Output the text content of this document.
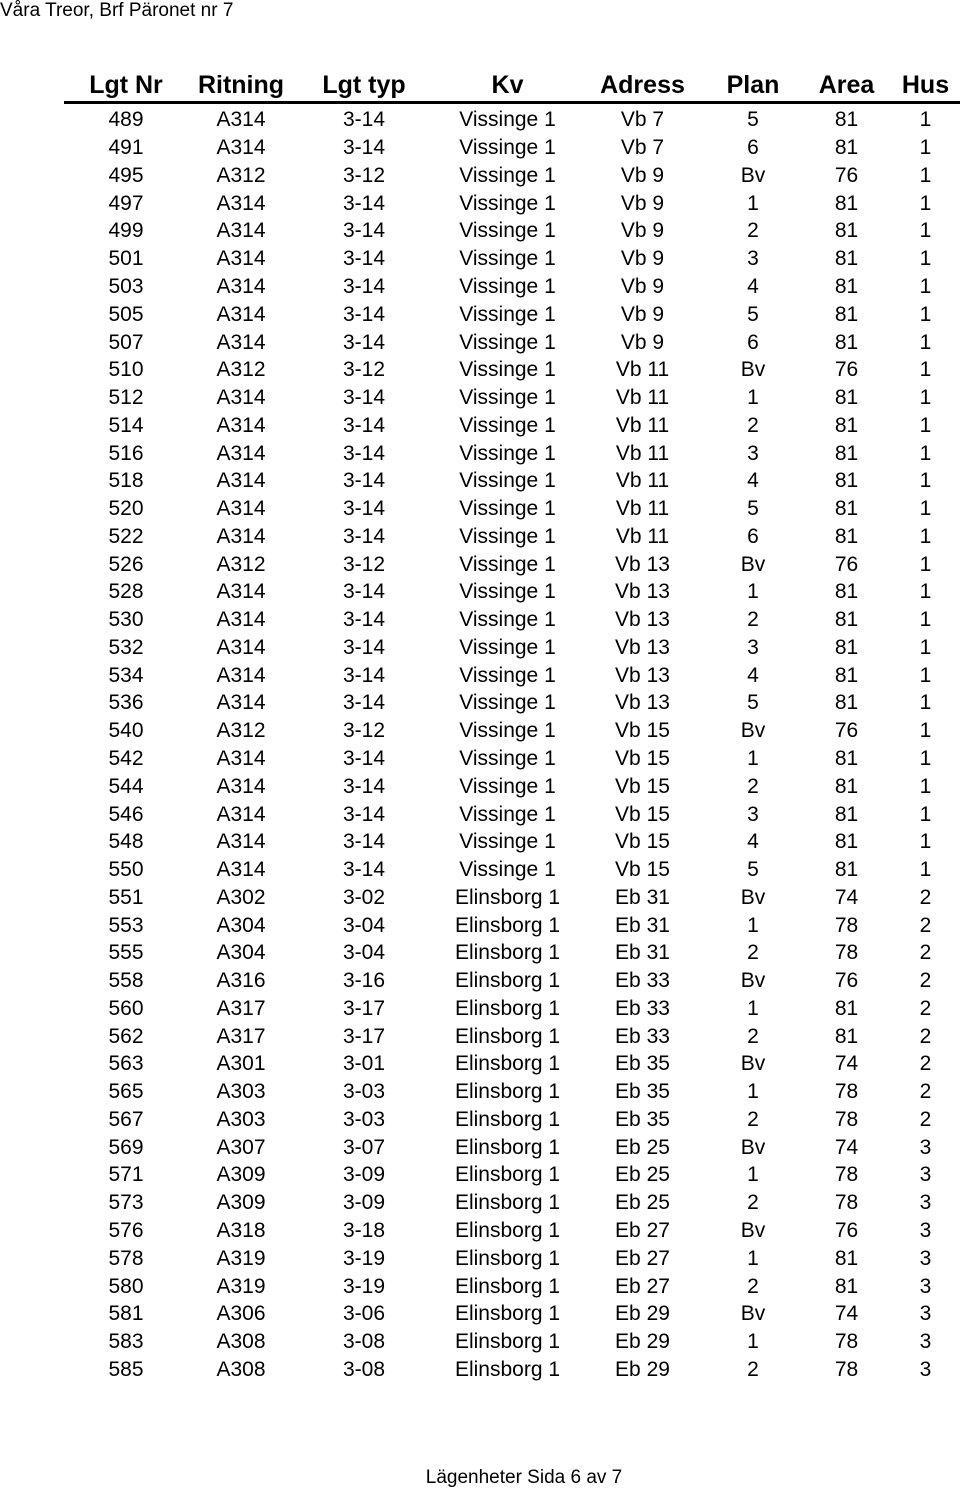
Våra Treor, Brf Päronet nr 7
Lgt Nr	Ritning	Lgt typ	Kv	Adress	Plan	Area	Hus
489	A314	3-14	Vissinge 1	Vb 7	5	81	1
491	A314	3-14	Vissinge 1	Vb 7	6	81	1
495	A312	3-12	Vissinge 1	Vb 9	Bv	76	1
497	A314	3-14	Vissinge 1	Vb 9	1	81	1
499	A314	3-14	Vissinge 1	Vb 9	2	81	1
501	A314	3-14	Vissinge 1	Vb 9	3	81	1
503	A314	3-14	Vissinge 1	Vb 9	4	81	1
505	A314	3-14	Vissinge 1	Vb 9	5	81	1
507	A314	3-14	Vissinge 1	Vb 9	6	81	1
510	A312	3-12	Vissinge 1	Vb 11	Bv	76	1
512	A314	3-14	Vissinge 1	Vb 11	1	81	1
514	A314	3-14	Vissinge 1	Vb 11	2	81	1
516	A314	3-14	Vissinge 1	Vb 11	3	81	1
518	A314	3-14	Vissinge 1	Vb 11	4	81	1
520	A314	3-14	Vissinge 1	Vb 11	5	81	1
522	A314	3-14	Vissinge 1	Vb 11	6	81	1
526	A312	3-12	Vissinge 1	Vb 13	Bv	76	1
528	A314	3-14	Vissinge 1	Vb 13	1	81	1
530	A314	3-14	Vissinge 1	Vb 13	2	81	1
532	A314	3-14	Vissinge 1	Vb 13	3	81	1
534	A314	3-14	Vissinge 1	Vb 13	4	81	1
536	A314	3-14	Vissinge 1	Vb 13	5	81	1
540	A312	3-12	Vissinge 1	Vb 15	Bv	76	1
542	A314	3-14	Vissinge 1	Vb 15	1	81	1
544	A314	3-14	Vissinge 1	Vb 15	2	81	1
546	A314	3-14	Vissinge 1	Vb 15	3	81	1
548	A314	3-14	Vissinge 1	Vb 15	4	81	1
550	A314	3-14	Vissinge 1	Vb 15	5	81	1
551	A302	3-02	Elinsborg 1	Eb 31	Bv	74	2
553	A304	3-04	Elinsborg 1	Eb 31	1	78	2
555	A304	3-04	Elinsborg 1	Eb 31	2	78	2
558	A316	3-16	Elinsborg 1	Eb 33	Bv	76	2
560	A317	3-17	Elinsborg 1	Eb 33	1	81	2
562	A317	3-17	Elinsborg 1	Eb 33	2	81	2
563	A301	3-01	Elinsborg 1	Eb 35	Bv	74	2
565	A303	3-03	Elinsborg 1	Eb 35	1	78	2
567	A303	3-03	Elinsborg 1	Eb 35	2	78	2
569	A307	3-07	Elinsborg 1	Eb 25	Bv	74	3
571	A309	3-09	Elinsborg 1	Eb 25	1	78	3
573	A309	3-09	Elinsborg 1	Eb 25	2	78	3
576	A318	3-18	Elinsborg 1	Eb 27	Bv	76	3
578	A319	3-19	Elinsborg 1	Eb 27	1	81	3
580	A319	3-19	Elinsborg 1	Eb 27	2	81	3
581	A306	3-06	Elinsborg 1	Eb 29	Bv	74	3
583	A308	3-08	Elinsborg 1	Eb 29	1	78	3
585	A308	3-08	Elinsborg 1	Eb 29	2	78	3
Lägenheter Sida 6 av 7
